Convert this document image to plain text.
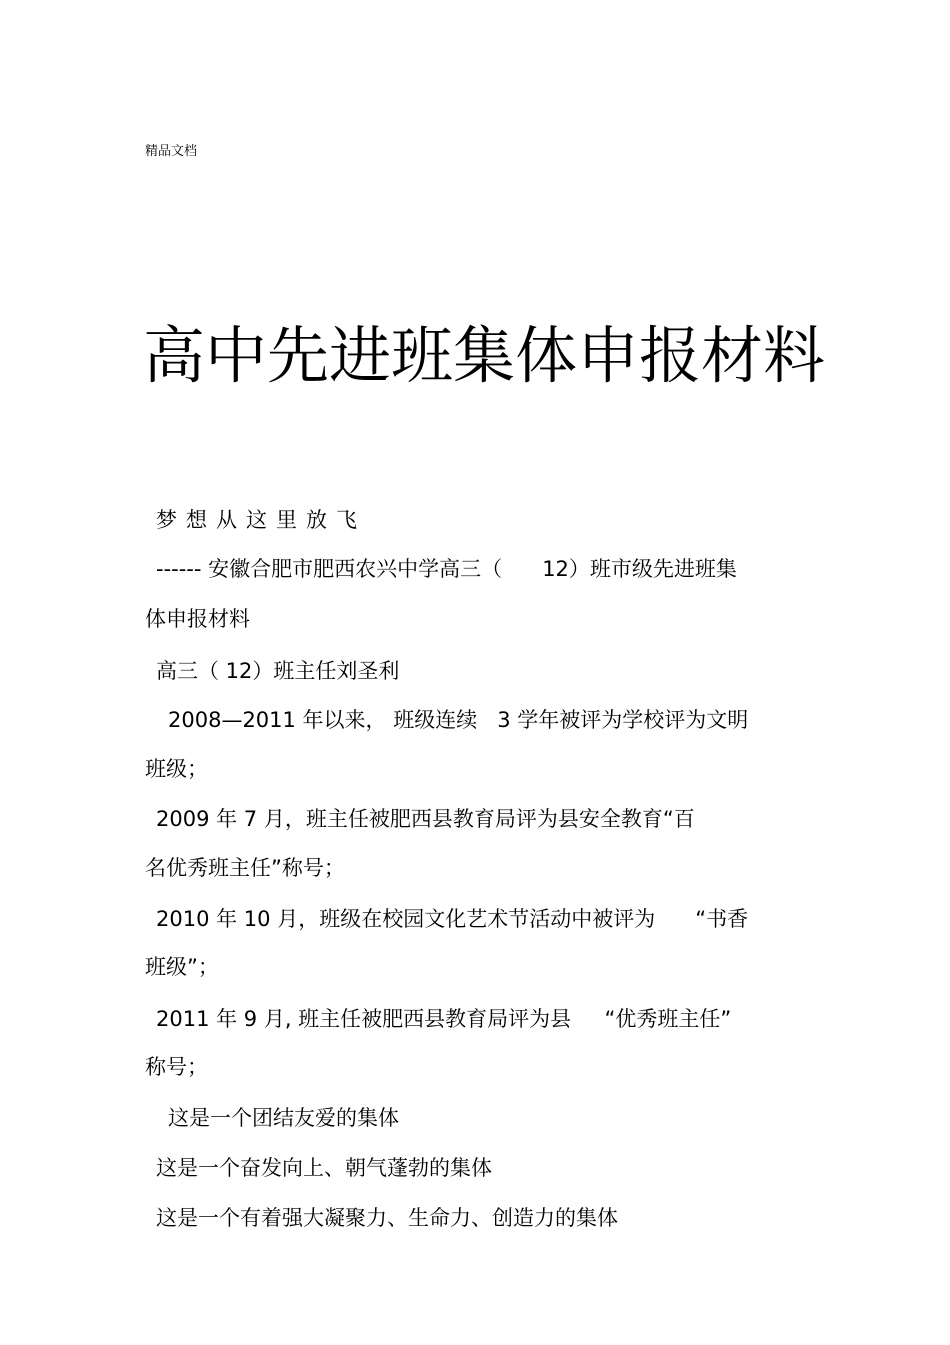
精品文档
高中先进班集体申报材料
梦想从这里放飞
------ 安徽合肥市肥西农兴中学高三（      12）班市级先进班集
体申报材料
高三（ 12）班主任刘圣利
2008—2011 年以来， 班级连续   3 学年被评为学校评为文明
班级；
2009 年 7 月，班主任被肥西县教育局评为县安全教育“百
名优秀班主任”称号；
2010 年 10 月，班级在校园文化艺术节活动中被评为      “书香
班级”；
2011 年 9 月, 班主任被肥西县教育局评为县     “优秀班主任”
称号；
这是一个团结友爱的集体
这是一个奋发向上、朝气蓬勃的集体
这是一个有着强大凝聚力、生命力、创造力的集体
